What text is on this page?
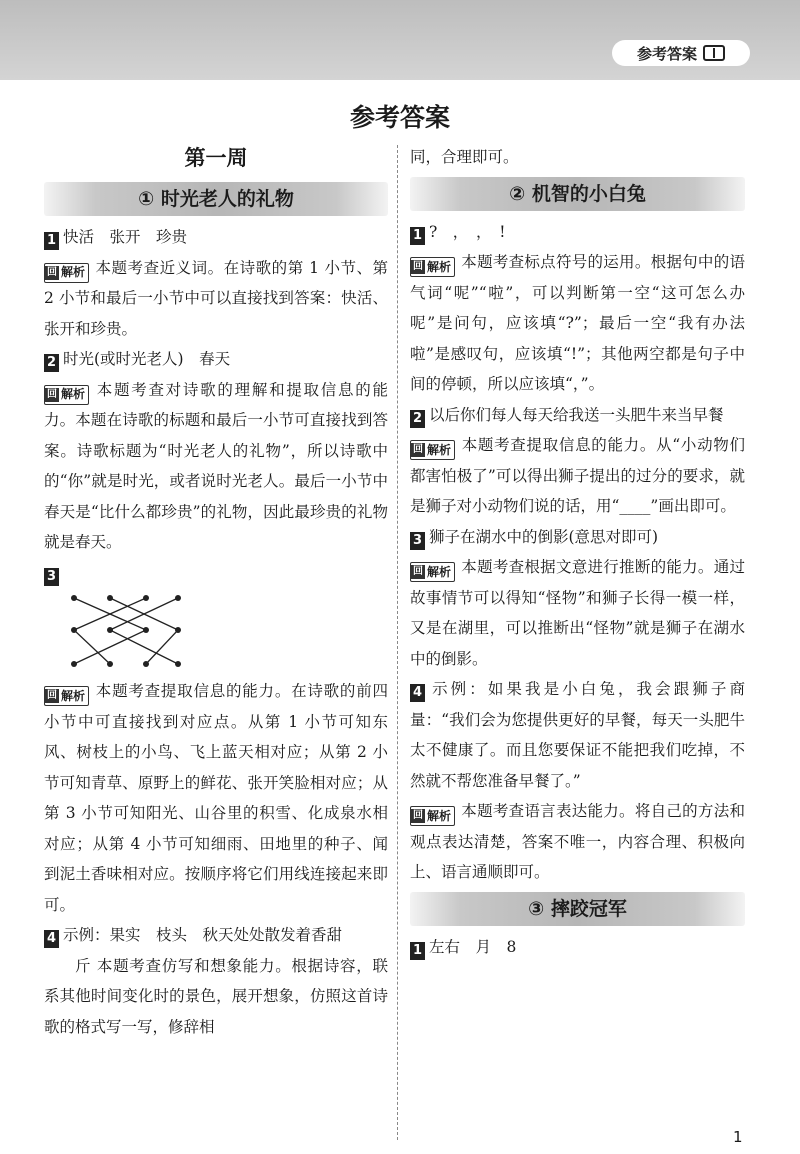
参考答案
参考答案
第一周
① 时光老人的礼物

1 快活　张开　珍贵

回 解析 本题考查近义词。在诗歌的第 1 小节、第 2 小节和最后一小节中可以直接找到答案：快活、张开和珍贵。

2 时光(或时光老人)　春天

回 解析 本题考查对诗歌的理解和提取信息的能力。本题在诗歌的标题和最后一小节可直接找到答案。诗歌标题为“时光老人的礼物”，所以诗歌中的“你”就是时光，或者说时光老人。最后一小节中春天是“比什么都珍贵”的礼物，因此最珍贵的礼物就是春天。

3

回 解析 本题考查提取信息的能力。在诗歌的前四小节中可直接找到对应点。从第 1 小节可知东风、树枝上的小鸟、飞上蓝天相对应；从第 2 小节可知青草、原野上的鲜花、张开笑脸相对应；从第 3 小节可知阳光、山谷里的积雪、化成泉水相对应；从第 4 小节可知细雨、田地里的种子、闻到泥土香味相对应。按顺序将它们用线连接起来即可。

4 示例：果实　枝头　秋天处处散发着香甜

斤 本题考查仿写和想象能力。根据诗容，联系其他时间变化时的景色，展开想象，仿照这首诗歌的格式写一写，修辞相

同，合理即可。

② 机智的小白兔

1 ?　，　，　!

回 解析 本题考查标点符号的运用。根据句中的语气词“呢”“啦”，可以判断第一空“这可怎么办呢”是问句，应该填“?”；最后一空“我有办法啦”是感叹句，应该填“!”；其他两空都是句子中间的停顿，所以应该填“，”。

2 以后你们每人每天给我送一头肥牛来当早餐

回 解析 本题考查提取信息的能力。从“小动物们都害怕极了”可以得出狮子提出的过分的要求，就是狮子对小动物们说的话，用“____”画出即可。

3 狮子在湖水中的倒影(意思对即可)

回 解析 本题考查根据文意进行推断的能力。通过故事情节可以得知“怪物”和狮子长得一模一样，又是在湖里，可以推断出“怪物”就是狮子在湖水中的倒影。

4 示例：如果我是小白兔，我会跟狮子商量：“我们会为您提供更好的早餐，每天一头肥牛太不健康了。而且您要保证不能把我们吃掉，不然就不帮您准备早餐了。”

回 解析 本题考查语言表达能力。将自己的方法和观点表达清楚，答案不唯一，内容合理、积极向上、语言通顺即可。

③ 摔跤冠军

1 左右　月　8

1
